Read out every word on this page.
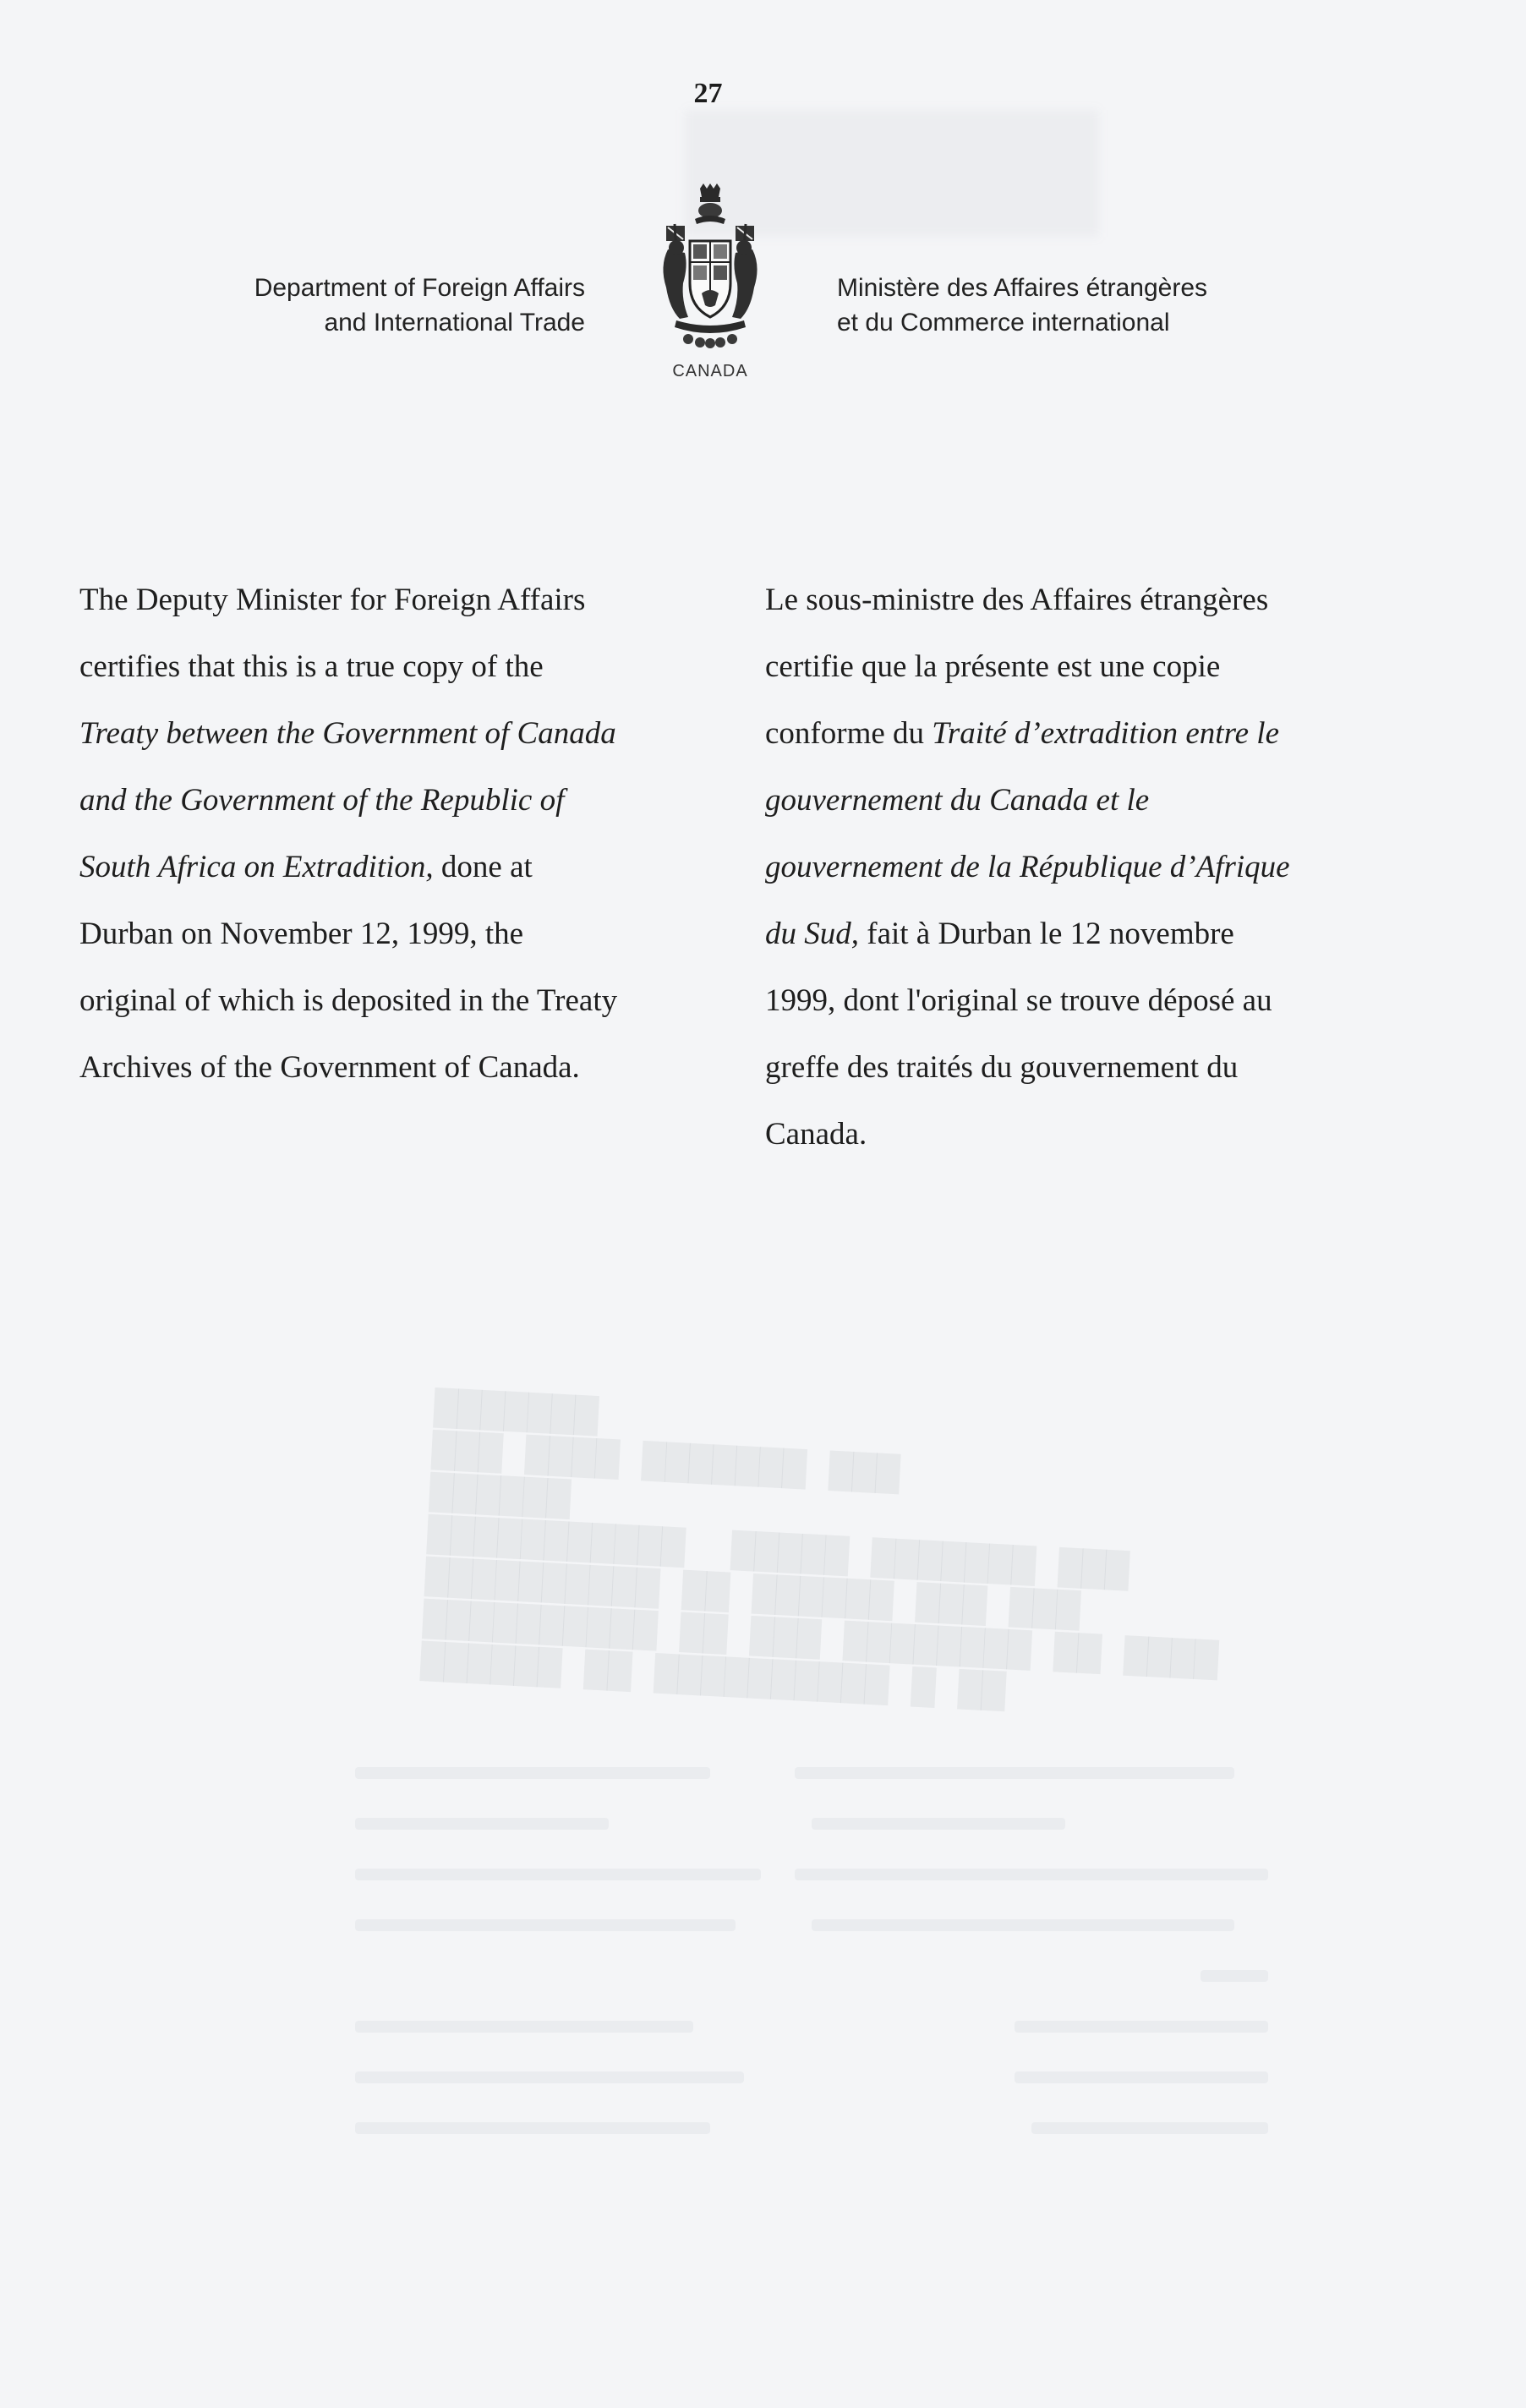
27
Department of Foreign Affairs
and International Trade
CANADA
Ministère des Affaires étrangères
et du Commerce international
The Deputy Minister for Foreign Affairs
certifies that this is a true copy of the
Treaty between the Government of Canada
and the Government of the Republic of
South Africa on Extradition, done at
Durban on November 12, 1999, the
original of which is deposited in the Treaty
Archives of the Government of Canada.
Le sous-ministre des Affaires étrangères
certifie que la présente est une copie
conforme du Traité d’extradition entre le
gouvernement du Canada et le
gouvernement de la République d’Afrique
du Sud, fait à Durban le 12 novembre
1999, dont l'original se trouve déposé au
greffe des traités du gouvernement du
Canada.
▇▇▇▇▇▇▇
▇▇▇ ▇▇▇▇ ▇▇▇▇▇▇▇ ▇▇▇
▇▇▇▇▇▇
▇▇▇▇▇▇▇▇▇▇▇  ▇▇▇▇▇ ▇▇▇▇▇▇▇ ▇▇▇
▇▇▇▇▇▇▇▇▇▇ ▇▇ ▇▇▇▇▇▇ ▇▇▇ ▇▇▇
▇▇▇▇▇▇▇▇▇▇ ▇▇ ▇▇▇ ▇▇▇▇▇▇▇▇ ▇▇ ▇▇▇▇
▇▇▇▇▇▇ ▇▇ ▇▇▇▇▇▇▇▇▇▇ ▇ ▇▇
